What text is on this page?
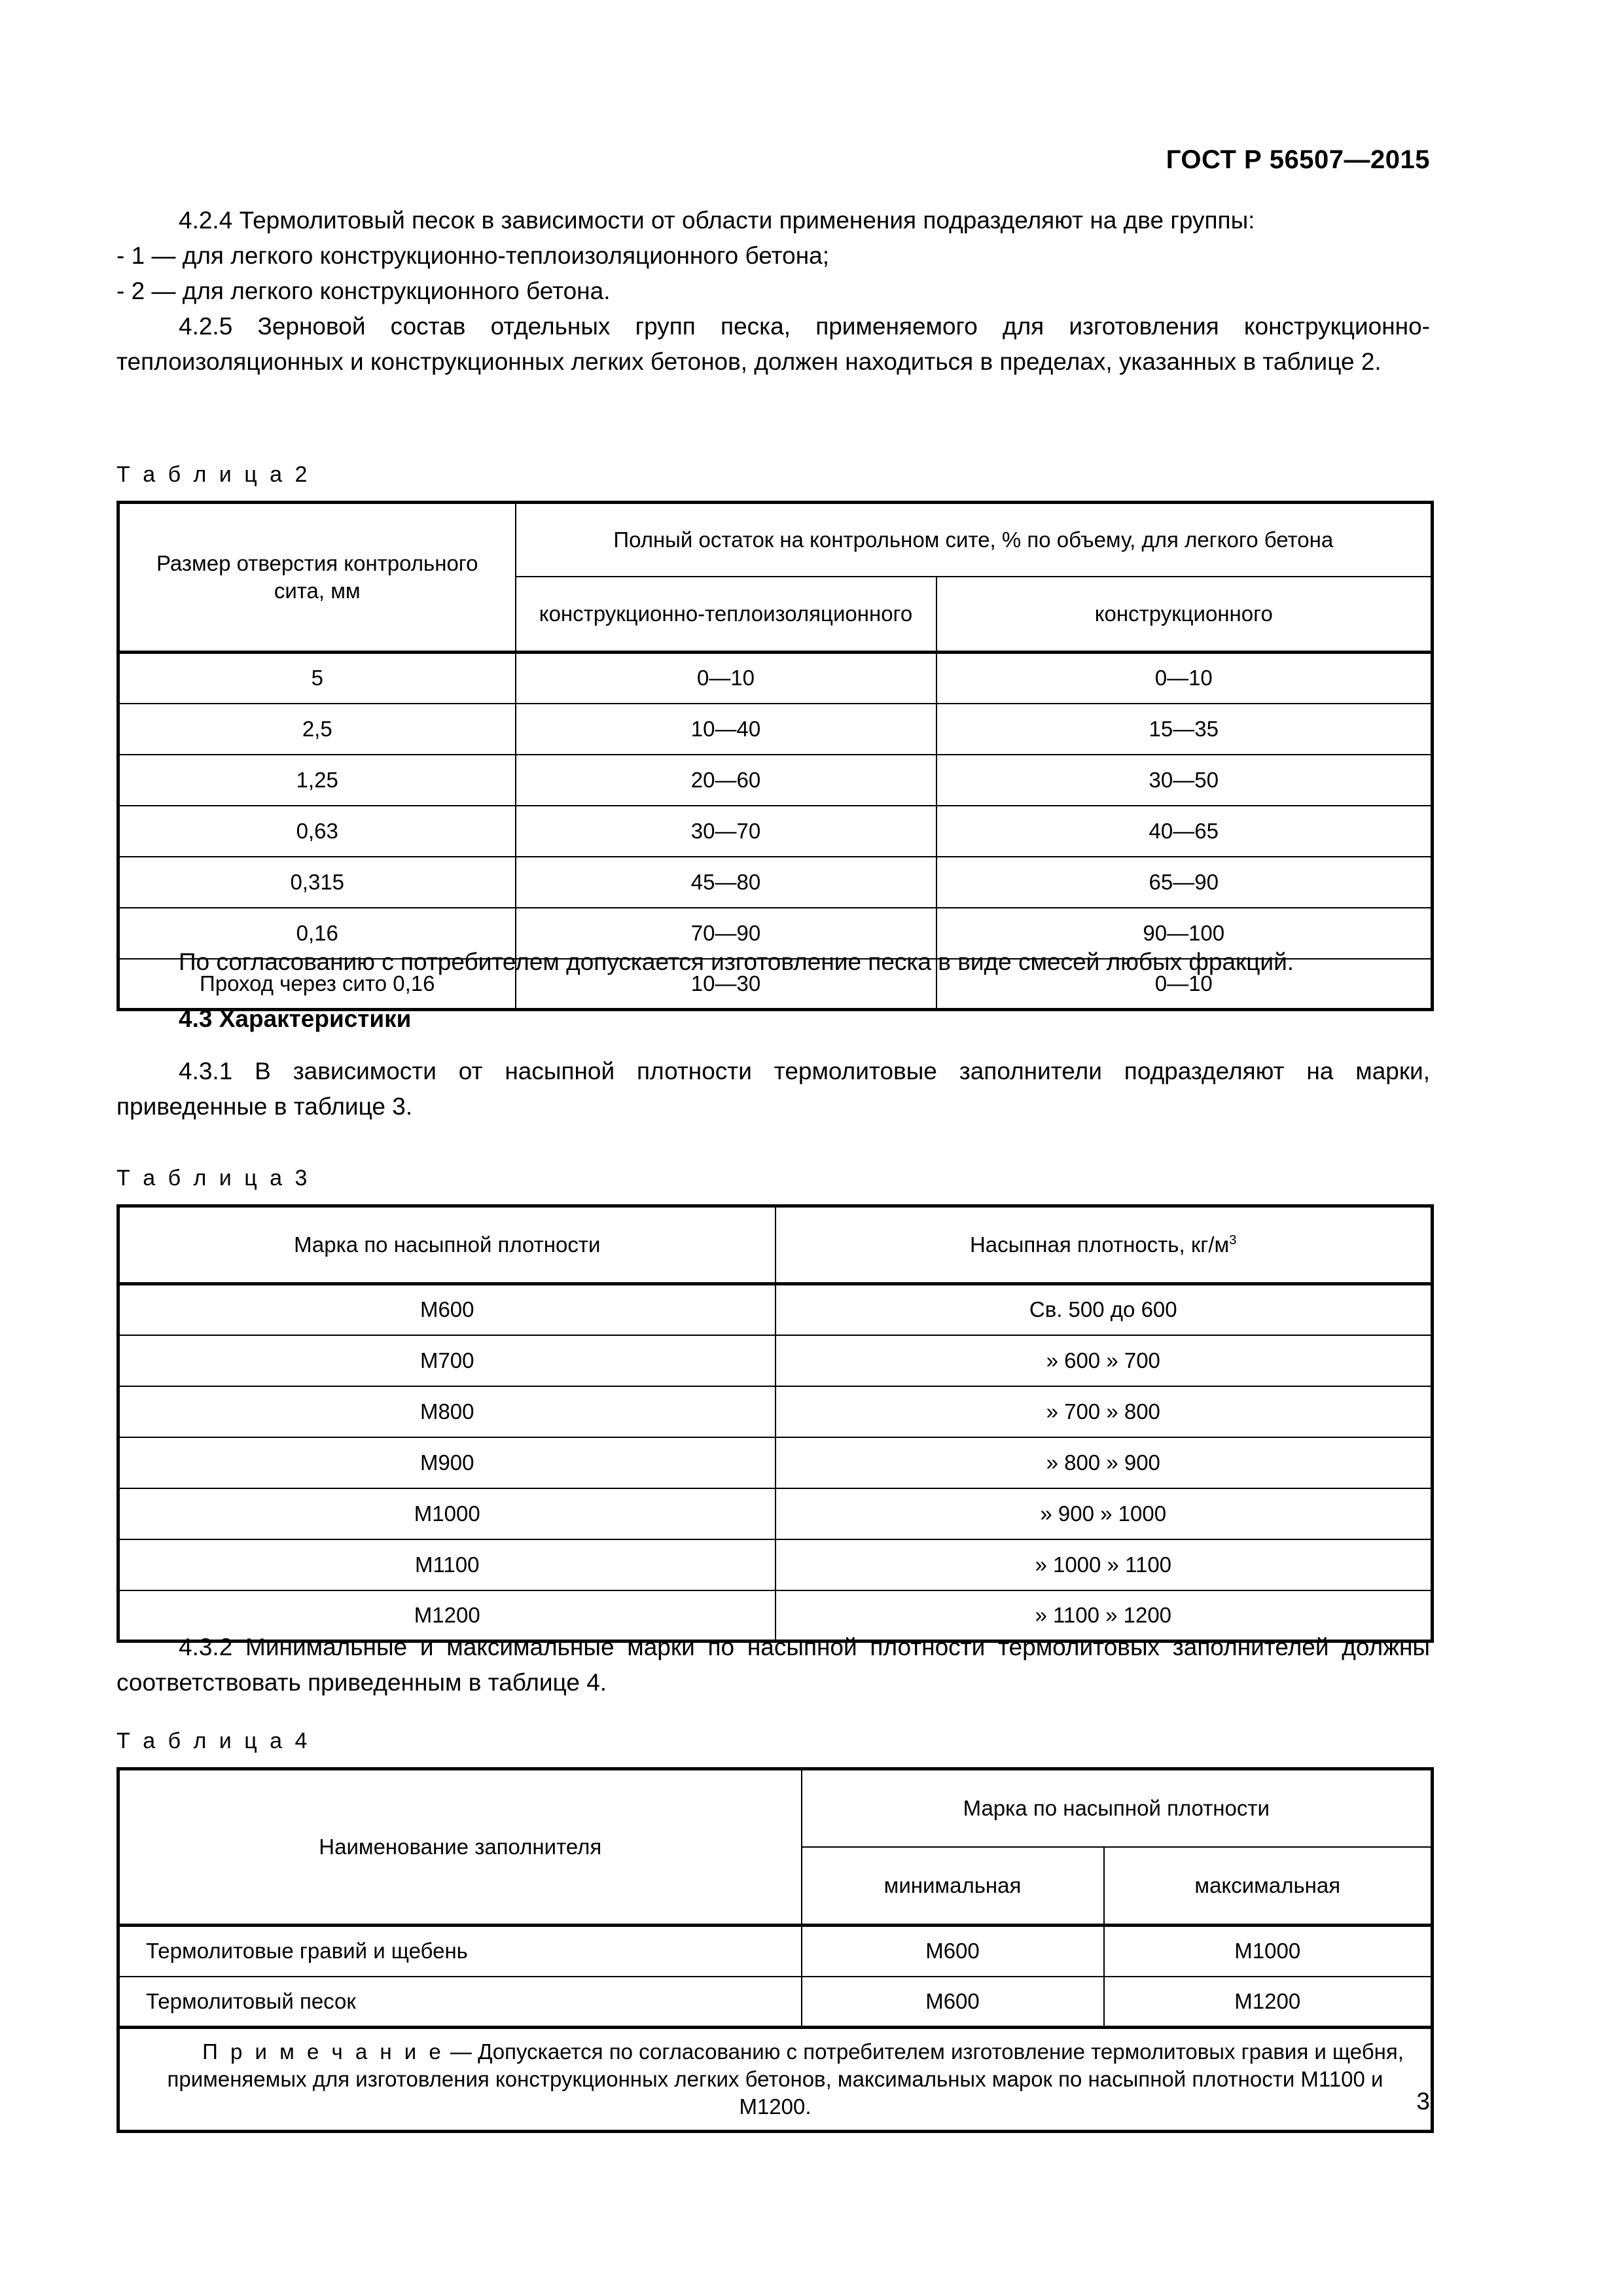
ГОСТ Р 56507—2015

4.2.4 Термолитовый песок в зависимости от области применения подразделяют на две группы:

- 1 — для легкого конструкционно-теплоизоляционного бетона;

- 2 — для легкого конструкционного бетона.

4.2.5 Зерновой состав отдельных групп песка, применяемого для изготовления конструкционно-теплоизоляционных и конструкционных легких бетонов, должен находиться в пределах, указанных в таблице 2.

Т а б л и ц а 2
Размер отверстия контрольного сита, мм	Полный остаток на контрольном сите, % по объему, для легкого бетона	
	конструкционно-теплоизоляционного	конструкционного
5	0—10	0—10
2,5	10—40	15—35
1,25	20—60	30—50
0,63	30—70	40—65
0,315	45—80	65—90
0,16	70—90	90—100
Проход через сито 0,16	10—30	0—10

По согласованию с потребителем допускается изготовление песка в виде смесей любых фракций.

4.3 Характеристики

4.3.1 В зависимости от насыпной плотности термолитовые заполнители подразделяют на марки, приведенные в таблице 3.

Т а б л и ц а 3
Марка по насыпной плотности	Насыпная плотность, $кг/м^3$
М600	Св. 500 до 600
М700	» 600 » 700
М800	» 700 » 800
М900	» 800 » 900
М1000	» 900 » 1000
М1100	» 1000 » 1100
М1200	» 1100 » 1200

4.3.2 Минимальные и максимальные марки по насыпной плотности термолитовых заполнителей должны соответствовать приведенным в таблице 4.

Т а б л и ц а 4
Наименование заполнителя	Марка по насыпной плотности	
	минимальная	максимальная
Термолитовые гравий и щебень	М600	М1000
Термолитовый песок	М600	М1200
П р и м е ч а н и е — Допускается по согласованию с потребителем изготовление термолитовых гравия и щебня, применяемых для изготовления конструкционных легких бетонов, максимальных марок по насыпной плотности М1100 и М1200.			3
